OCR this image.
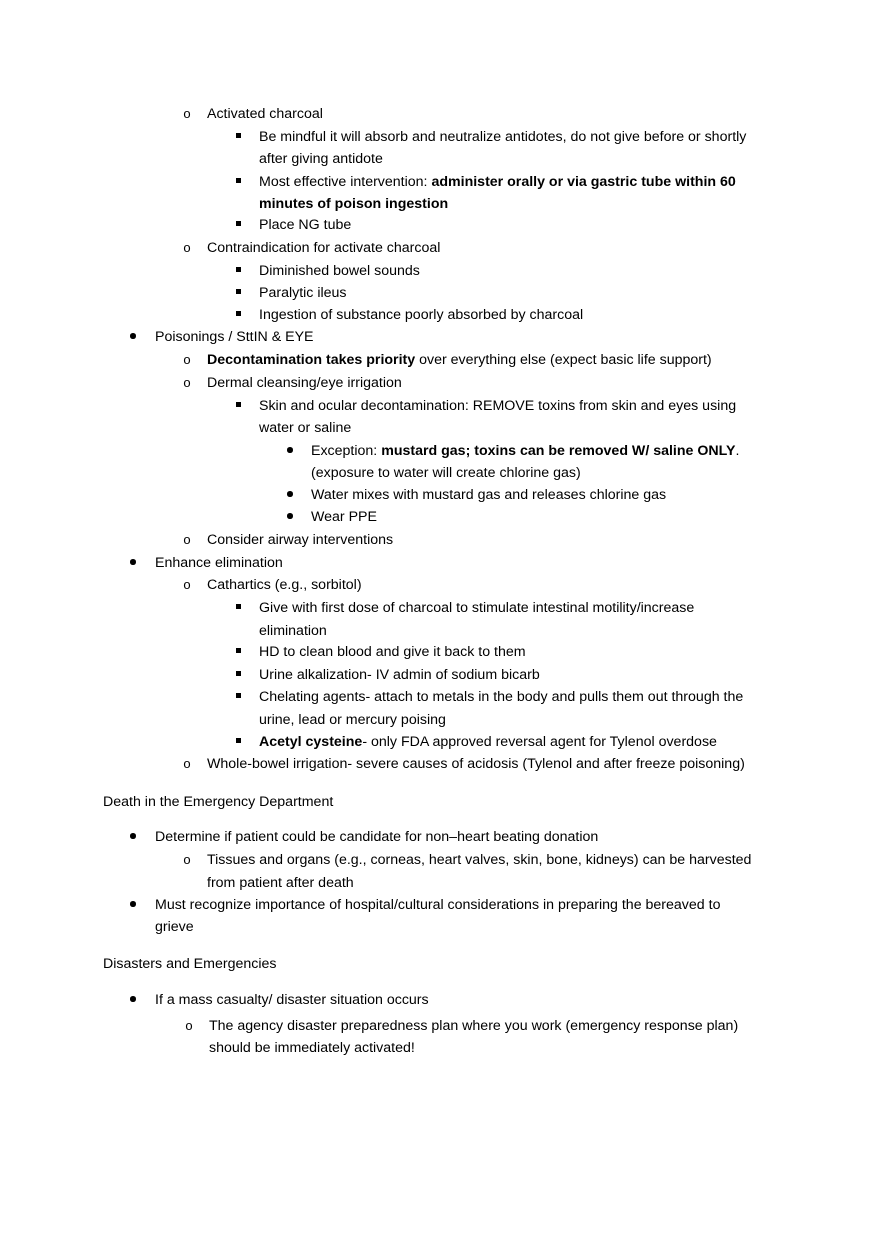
o Activated charcoal
Be mindful it will absorb and neutralize antidotes, do not give before or shortly
after giving antidote
Most effective intervention: administer orally or via gastric tube within 60
minutes of poison ingestion
Place NG tube
o Contraindication for activate charcoal
Diminished bowel sounds
Paralytic ileus
Ingestion of substance poorly absorbed by charcoal
Poisonings / SttIN & EYE
o Decontamination takes priority over everything else (expect basic life support)
o Dermal cleansing/eye irrigation
Skin and ocular decontamination: REMOVE toxins from skin and eyes using
water or saline
Exception: mustard gas; toxins can be removed W/ saline ONLY.
(exposure to water will create chlorine gas)
Water mixes with mustard gas and releases chlorine gas
Wear PPE
o Consider airway interventions
Enhance elimination
o Cathartics (e.g., sorbitol)
Give with first dose of charcoal to stimulate intestinal motility/increase
elimination
HD to clean blood and give it back to them
Urine alkalization- IV admin of sodium bicarb
Chelating agents- attach to metals in the body and pulls them out through the
urine, lead or mercury poising
Acetyl cysteine- only FDA approved reversal agent for Tylenol overdose
o Whole-bowel irrigation- severe causes of acidosis (Tylenol and after freeze poisoning)
Death in the Emergency Department
Determine if patient could be candidate for non–heart beating donation
o Tissues and organs (e.g., corneas, heart valves, skin, bone, kidneys) can be harvested
from patient after death
Must recognize importance of hospital/cultural considerations in preparing the bereaved to
grieve
Disasters and Emergencies
If a mass casualty/ disaster situation occurs
o The agency disaster preparedness plan where you work (emergency response plan)
should be immediately activated!
